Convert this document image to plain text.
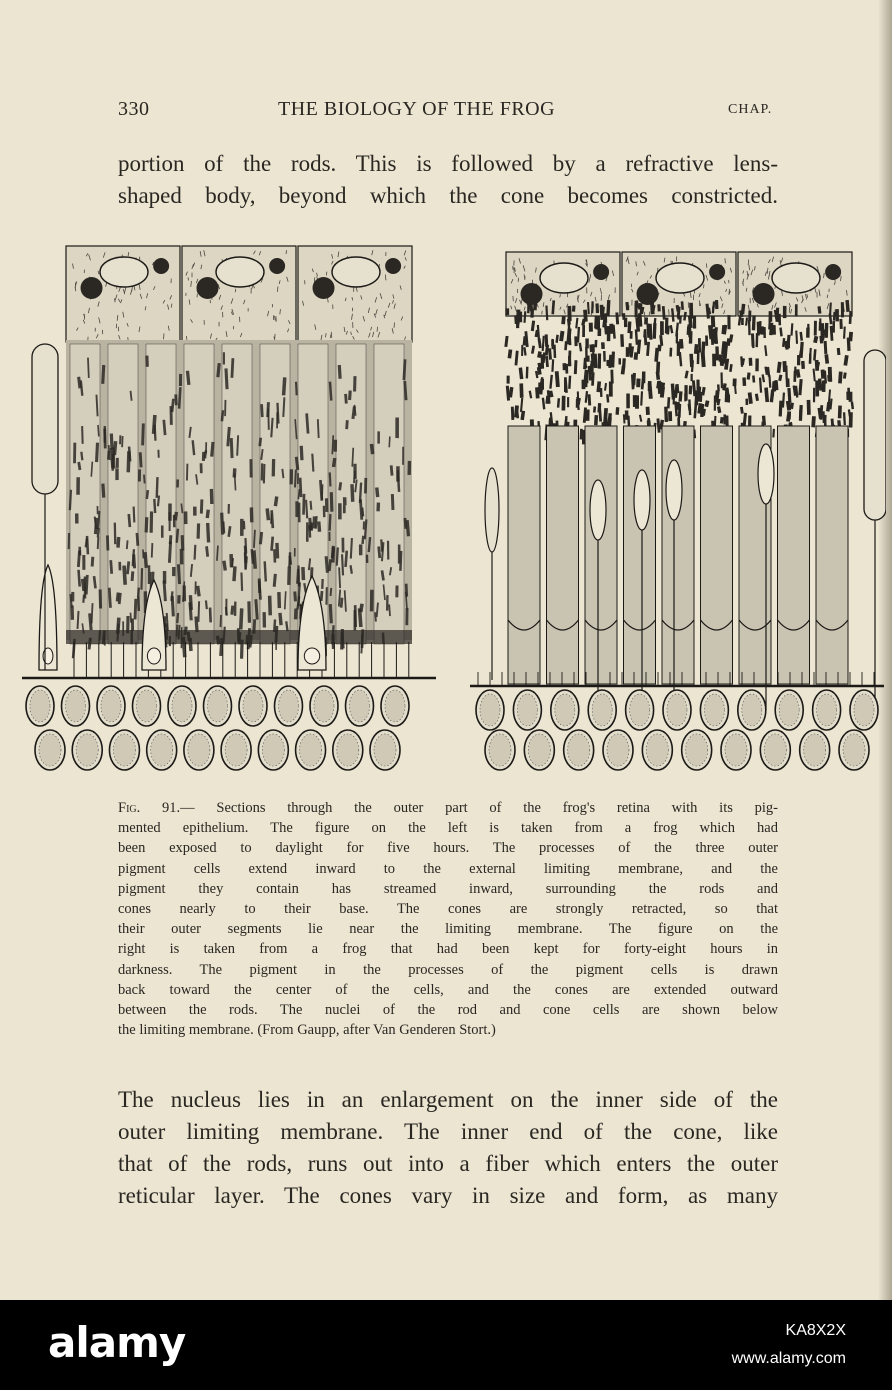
330	THE BIOLOGY OF THE FROG	CHAP.
portion of the rods. This is followed by a refractive lens-
shaped body, beyond which the cone becomes constricted.
Fig. 91.— Sections through the outer part of the frog's retina with its pig-
mented epithelium. The figure on the left is taken from a frog which had
been exposed to daylight for five hours. The processes of the three outer
pigment cells extend inward to the external limiting membrane, and the
pigment they contain has streamed inward, surrounding the rods and
cones nearly to their base. The cones are strongly retracted, so that
their outer segments lie near the limiting membrane. The figure on the
right is taken from a frog that had been kept for forty-eight hours in
darkness. The pigment in the processes of the pigment cells is drawn
back toward the center of the cells, and the cones are extended outward
between the rods. The nuclei of the rod and cone cells are shown below
the limiting membrane. (From Gaupp, after Van Genderen Stort.)
The nucleus lies in an enlargement on the inner side of the
outer limiting membrane. The inner end of the cone, like
that of the rods, runs out into a fiber which enters the outer
reticular layer. The cones vary in size and form, as many
alamy	KA8X2X
www.alamy.com
